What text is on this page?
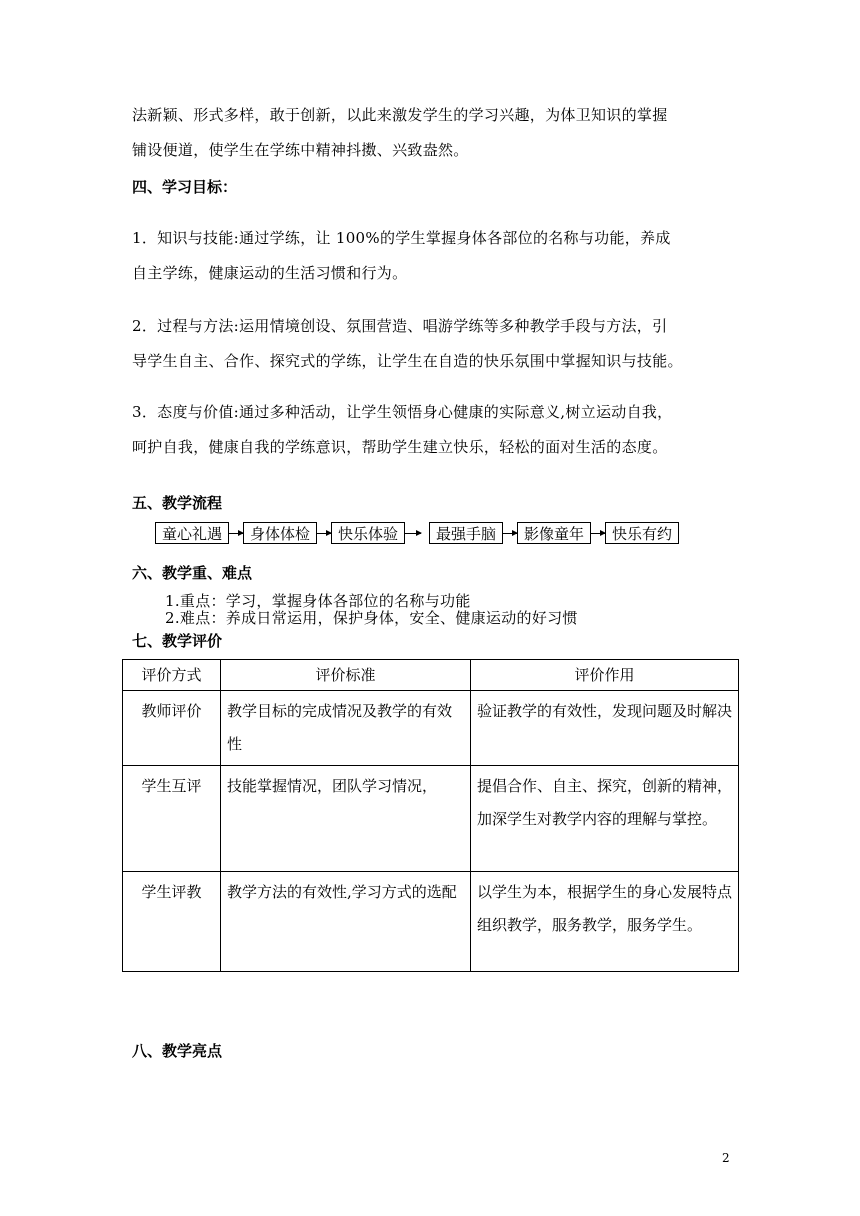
法新颖、形式多样，敢于创新，以此来激发学生的学习兴趣，为体卫知识的掌握
铺设便道，使学生在学练中精神抖擞、兴致盎然。
四、学习目标：
1．知识与技能:通过学练，让 100%的学生掌握身体各部位的名称与功能，养成
自主学练，健康运动的生活习惯和行为。
2．过程与方法:运用情境创设、氛围营造、唱游学练等多种教学手段与方法，引
导学生自主、合作、探究式的学练，让学生在自造的快乐氛围中掌握知识与技能。
3．态度与价值:通过多种活动，让学生领悟身心健康的实际意义,树立运动自我，
呵护自我，健康自我的学练意识，帮助学生建立快乐，轻松的面对生活的态度。
五、教学流程
童心礼遇	身体体检	快乐体验	最强手脑	影像童年	快乐有约
六、教学重、难点
1.重点：学习，掌握身体各部位的名称与功能
2.难点：养成日常运用，保护身体，安全、健康运动的好习惯
七、教学评价
评价方式	评价标准	评价作用
教师评价	教学目标的完成情况及教学的有效性	验证教学的有效性，发现问题及时解决
学生互评	技能掌握情况，团队学习情况，	提倡合作、自主、探究，创新的精神，加深学生对教学内容的理解与掌控。
学生评教	教学方法的有效性,学习方式的选配	以学生为本，根据学生的身心发展特点组织教学，服务教学，服务学生。
八、教学亮点
2
